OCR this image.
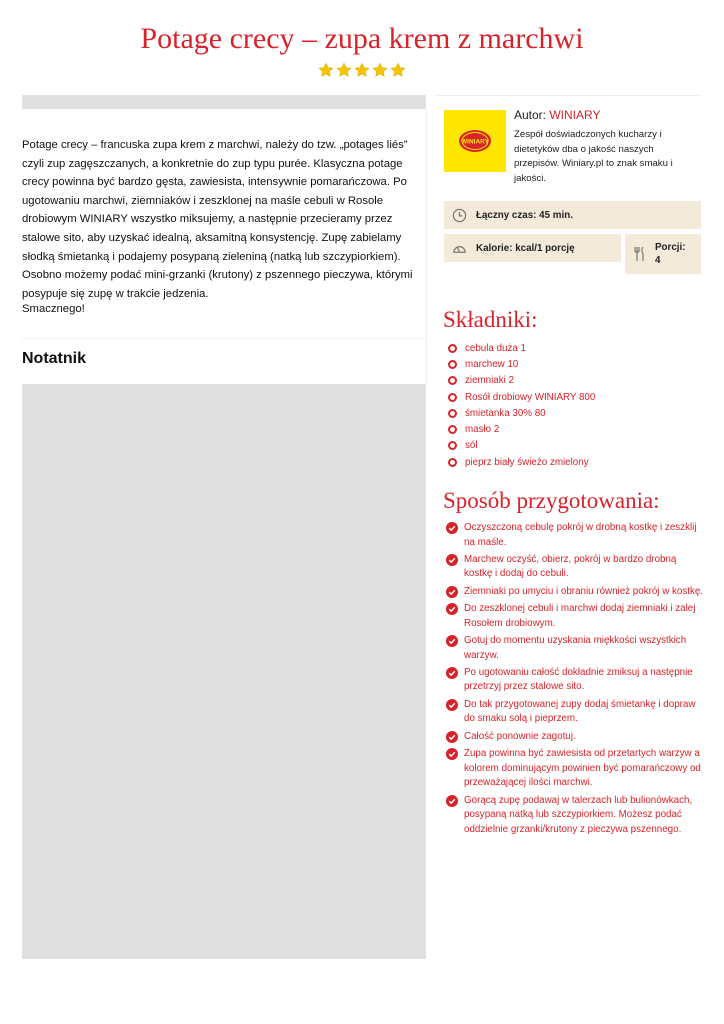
Potage crecy – zupa krem z marchwi

Potage crecy – francuska zupa krem z marchwi, należy do tzw. „potages liés” czyli zup zagęszczanych, a konkretnie do zup typu purée. Klasyczna potage crecy powinna być bardzo gęsta, zawiesista, intensywnie pomarańczowa. Po ugotowaniu marchwi, ziemniaków i zeszklonej na maśle cebuli w Rosole drobiowym WINIARY wszystko miksujemy, a następnie przecieramy przez stalowe sito, aby uzyskać idealną, aksamitną konsystencję. Zupę zabielamy słodką śmietanką i podajemy posypaną zieleniną (natką lub szczypiorkiem). Osobno możemy podać mini-grzanki (krutony) z pszennego pieczywa, którymi posypuje się zupę w trakcie jedzenia.

Smacznego!

Notatnik
WINIARY
Autor: WINIARY

Zespół doświadczonych kucharzy i dietetyków dba o jakość naszych przepisów. Winiary.pl to znak smaku i jakości.

Łączny czas: 45 min.
Kalorie: kcal/1 porcję	Porcji:
4
Składniki:
cebula duża 1
marchew 10
ziemniaki 2
Rosół drobiowy WINIARY 800
śmietanka 30% 80
masło 2
sól
pieprz biały świeżo zmielony
Sposób przygotowania:
Oczyszczoną cebulę pokrój w drobną kostkę i zeszklij na maśle.
Marchew oczyść, obierz, pokrój w bardzo drobną kostkę i dodaj do cebuli.
Ziemniaki po umyciu i obraniu również pokrój w kostkę.
Do zeszklonej cebuli i marchwi dodaj ziemniaki i zalej Rosołem drobiowym.
Gotuj do momentu uzyskania miękkości wszystkich warzyw.
Po ugotowaniu całość dokładnie zmiksuj a następnie przetrzyj przez stalowe sito.
Do tak przygotowanej zupy dodaj śmietankę i dopraw do smaku solą i pieprzem.
Całość ponownie zagotuj.
Zupa powinna być zawiesista od przetartych warzyw a kolorem dominującym powinien być pomarańczowy od przeważającej ilości marchwi.
Gorącą zupę podawaj w talerzach lub bulionówkach, posypaną natką lub szczypiorkiem. Możesz podać oddzielnie grzanki/krutony z pieczywa pszennego.
